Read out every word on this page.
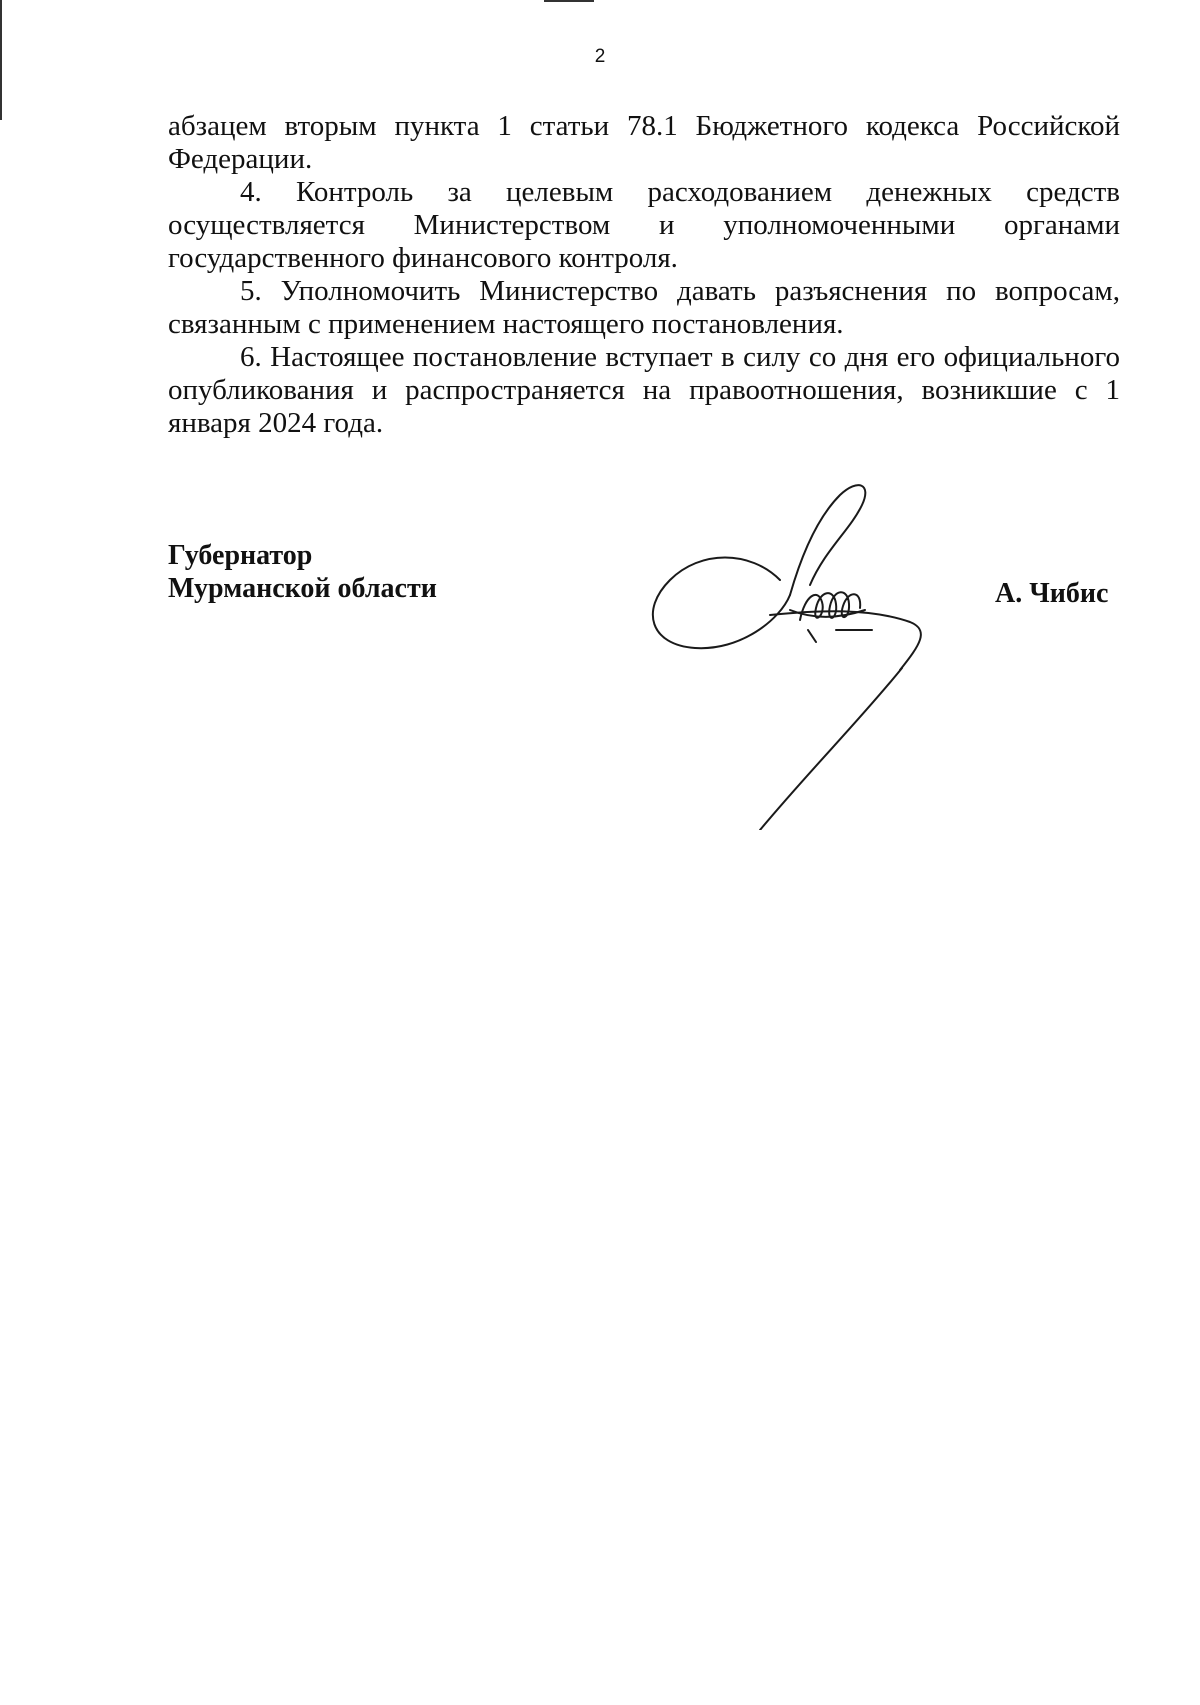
2

абзацем вторым пункта 1 статьи 78.1 Бюджетного кодекса Российской Федерации.

4. Контроль за целевым расходованием денежных средств осуществляется Министерством и уполномоченными органами государственного финансового контроля.

5. Уполномочить Министерство давать разъяснения по вопросам, связанным с применением настоящего постановления.

6. Настоящее постановление вступает в силу со дня его официального опубликования и распространяется на правоотношения, возникшие с 1 января 2024 года.

Губернатор
Мурманской области	А. Чибис
